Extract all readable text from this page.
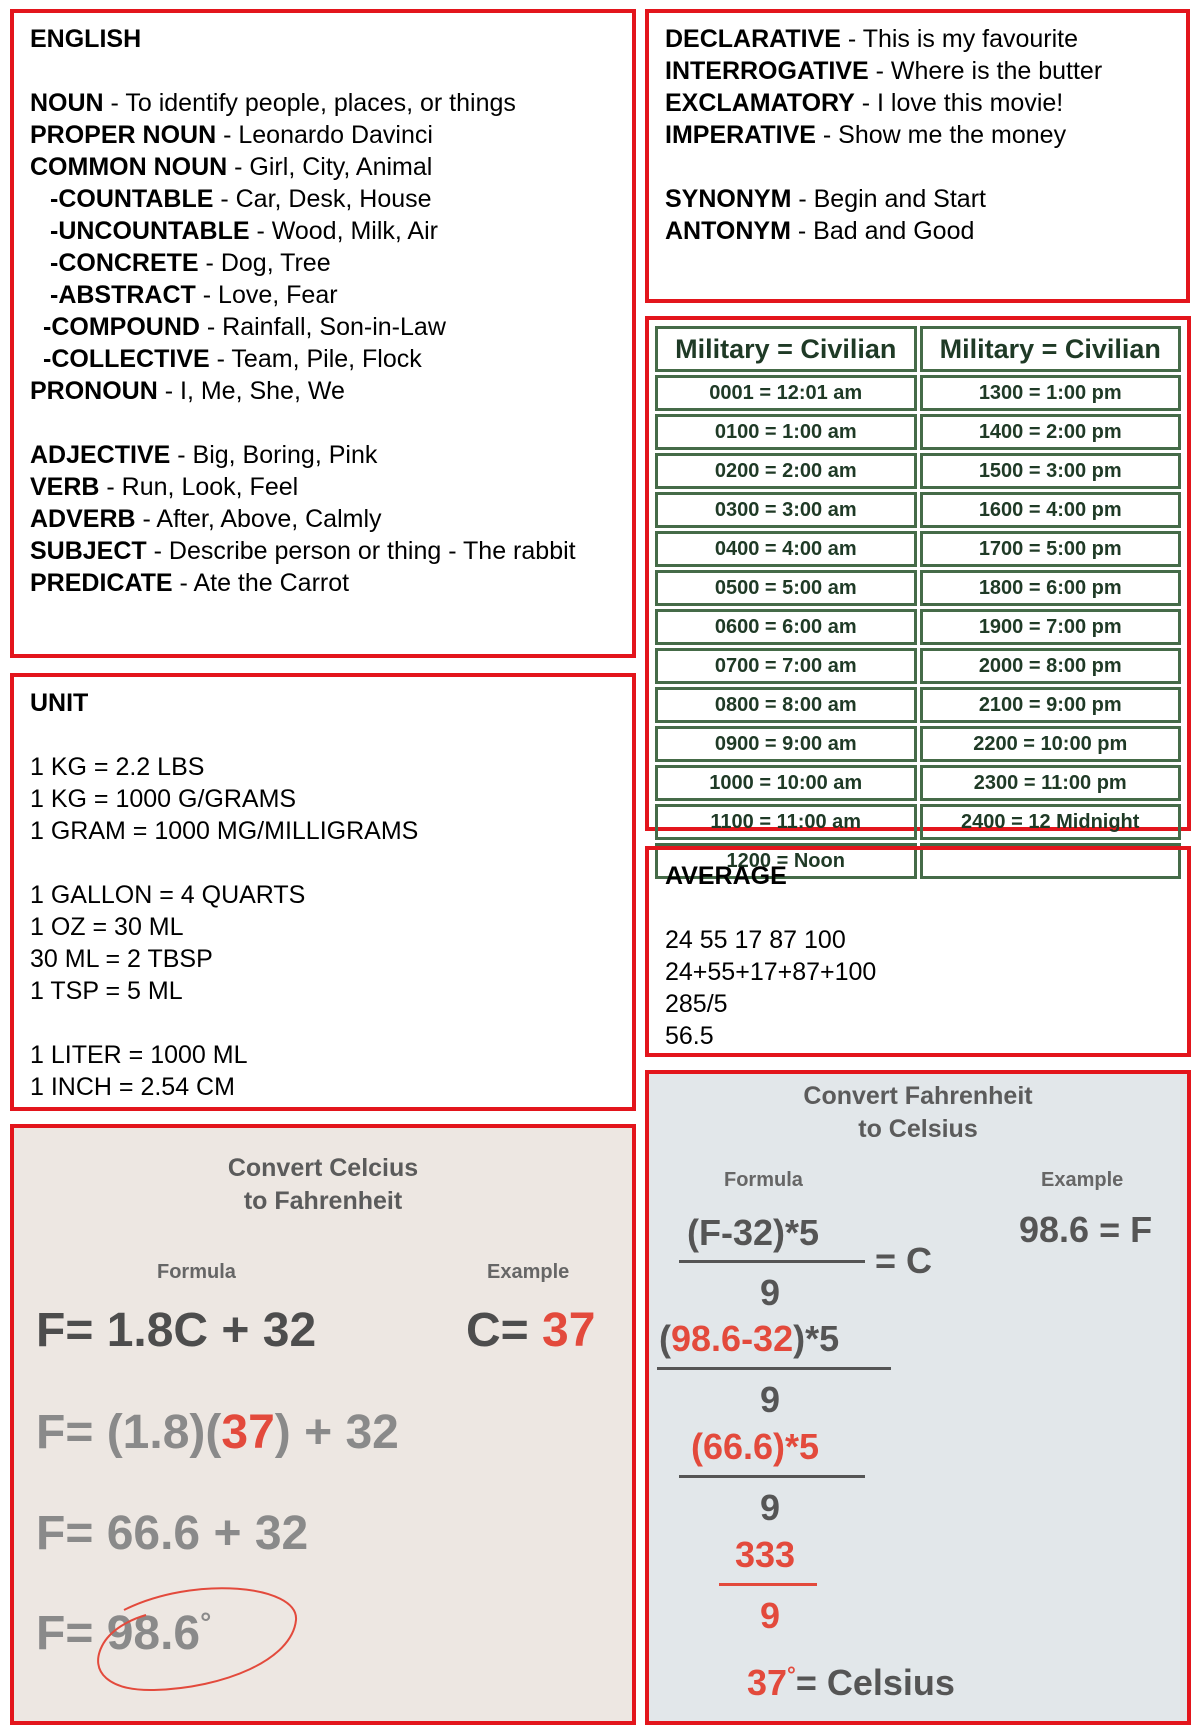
ENGLISH
NOUN - To identify people, places, or things
PROPER NOUN - Leonardo Davinci
COMMON NOUN - Girl, City, Animal
-COUNTABLE - Car, Desk, House
-UNCOUNTABLE - Wood, Milk, Air
-CONCRETE - Dog, Tree
-ABSTRACT - Love, Fear
-COMPOUND - Rainfall, Son-in-Law
-COLLECTIVE - Team, Pile, Flock
PRONOUN - I, Me, She, We
ADJECTIVE - Big, Boring, Pink
VERB - Run, Look, Feel
ADVERB - After, Above, Calmly
SUBJECT - Describe person or thing - The rabbit
PREDICATE - Ate the Carrot
DECLARATIVE - This is my favourite
INTERROGATIVE - Where is the butter
EXCLAMATORY - I love this movie!
IMPERATIVE - Show me the money
SYNONYM - Begin and Start
ANTONYM - Bad and Good
Military = Civilian	Military = Civilian
0001 = 12:01 am	1300 = 1:00 pm
0100 = 1:00 am	1400 = 2:00 pm
0200 = 2:00 am	1500 = 3:00 pm
0300 = 3:00 am	1600 = 4:00 pm
0400 = 4:00 am	1700 = 5:00 pm
0500 = 5:00 am	1800 = 6:00 pm
0600 = 6:00 am	1900 = 7:00 pm
0700 = 7:00 am	2000 = 8:00 pm
0800 = 8:00 am	2100 = 9:00 pm
0900 = 9:00 am	2200 = 10:00 pm
1000 = 10:00 am	2300 = 11:00 pm
1100 = 11:00 am	2400 = 12 Midnight
1200 = Noon	
UNIT
1 KG = 2.2 LBS
1 KG = 1000 G/GRAMS
1 GRAM = 1000 MG/MILLIGRAMS
1 GALLON = 4 QUARTS
1 OZ = 30 ML
30 ML = 2 TBSP
1 TSP = 5 ML
1 LITER = 1000 ML
1 INCH = 2.54 CM
AVERAGE
24 55 17 87 100
24+55+17+87+100
285/5
56.5
Convert Celcius
to Fahrenheit
Formula	Example
F= 1.8C + 32	C= 37
F= (1.8)(37) + 32
F= 66.6 + 32
F= 98.6°
Convert Fahrenheit
to Celsius
Formula	Example
98.6 = F
(F-32)*5
= C
9
(98.6-32)*5
9
(66.6)*5
9
333
9
37°= Celsius
